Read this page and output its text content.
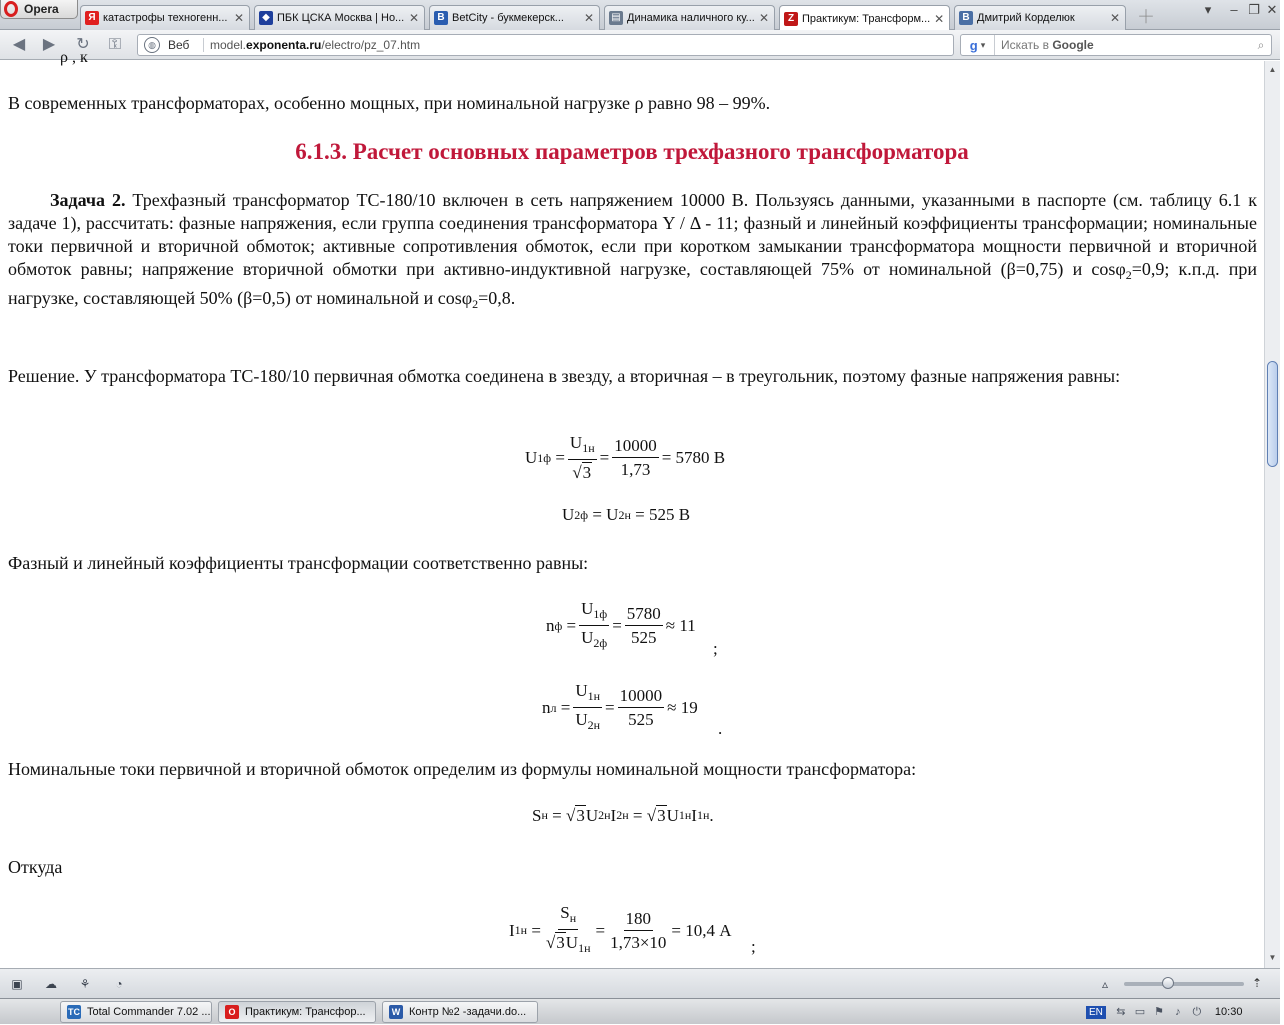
Opera
Я катастрофы техногенн... ✕	◆ ПБК ЦСКА Москва | Но... ✕	B BetCity - букмекерск...	✕ ▤ Динамика наличного ку... ✕	Z Практикум: Трансформ... ✕	В Дмитрий Корделюк	✕ ＋	▾	– ❐ ✕
◀	▶	↻	⚿	◍	Веб	model.exponenta.ru/electro/pz_07.htm	g ▾	Искать в Google	⌕
ρ , к
В современных трансформаторах, особенно мощных, при номинальной нагрузке ρ равно 98 – 99%.
6.1.3. Расчет основных параметров трехфазного трансформатора
Задача 2. Трехфазный трансформатор ТС-180/10 включен в сеть напряжением 10000 В. Пользуясь данными, указанными в паспорте (см. таблицу 6.1 к задаче 1), рассчитать: фазные напряжения, если группа соединения трансформатора Y / Δ - 11; фазный и линейный коэффициенты трансформации; номинальные токи первичной и вторичной обмоток; активные сопротивления обмоток, если при коротком замыкании трансформатора мощности первичной и вторичной обмоток равны; напряжение вторичной обмотки при активно-индуктивной нагрузке, составляющей 75% от номинальной (β=0,75) и cosφ$_2$=0,9; к.п.д. при нагрузке, составляющей 50% (β=0,5) от номинальной и cosφ$_2$=0,8.
Решение. У трансформатора ТС-180/10 первичная обмотка соединена в звезду, а вторичная – в треугольник, поэтому фазные напряжения равны:
U $1ф = \frac{U_{1н}}{√ 3} = \frac{10000}{1,73} = 5780$ В
U 2ф
= U 2н
= 525 В
Фазный и линейный коэффициенты трансформации соответственно равны:
n $ф = \frac{U_{1ф}}{U_{2ф}} = \frac{5780}{525} \approx 11$
;
n $л = \frac{U_{1н}}{U_{2н}} = \frac{10000}{525} \approx 19$
.
Номинальные токи первичной и вторичной обмоток определим из формулы номинальной мощности трансформатора:
S н = √ 3 U 2н I 2н = √ 3 U 1н I 1н .
Откуда
I $1н = \frac{S_н}{√ 3 U_{1н}} = \frac{180}{1,73\times 10} = 10,4$ А
;
▲
▼
▣ ☁	⚘	◔	▵	⇡
TC Total Commander 7.02 ...	O Практикум: Трансфор...	W Контр №2 -задачи.do...	EN ⇆ ▭ ⚑	♪	⏻ 10:30
